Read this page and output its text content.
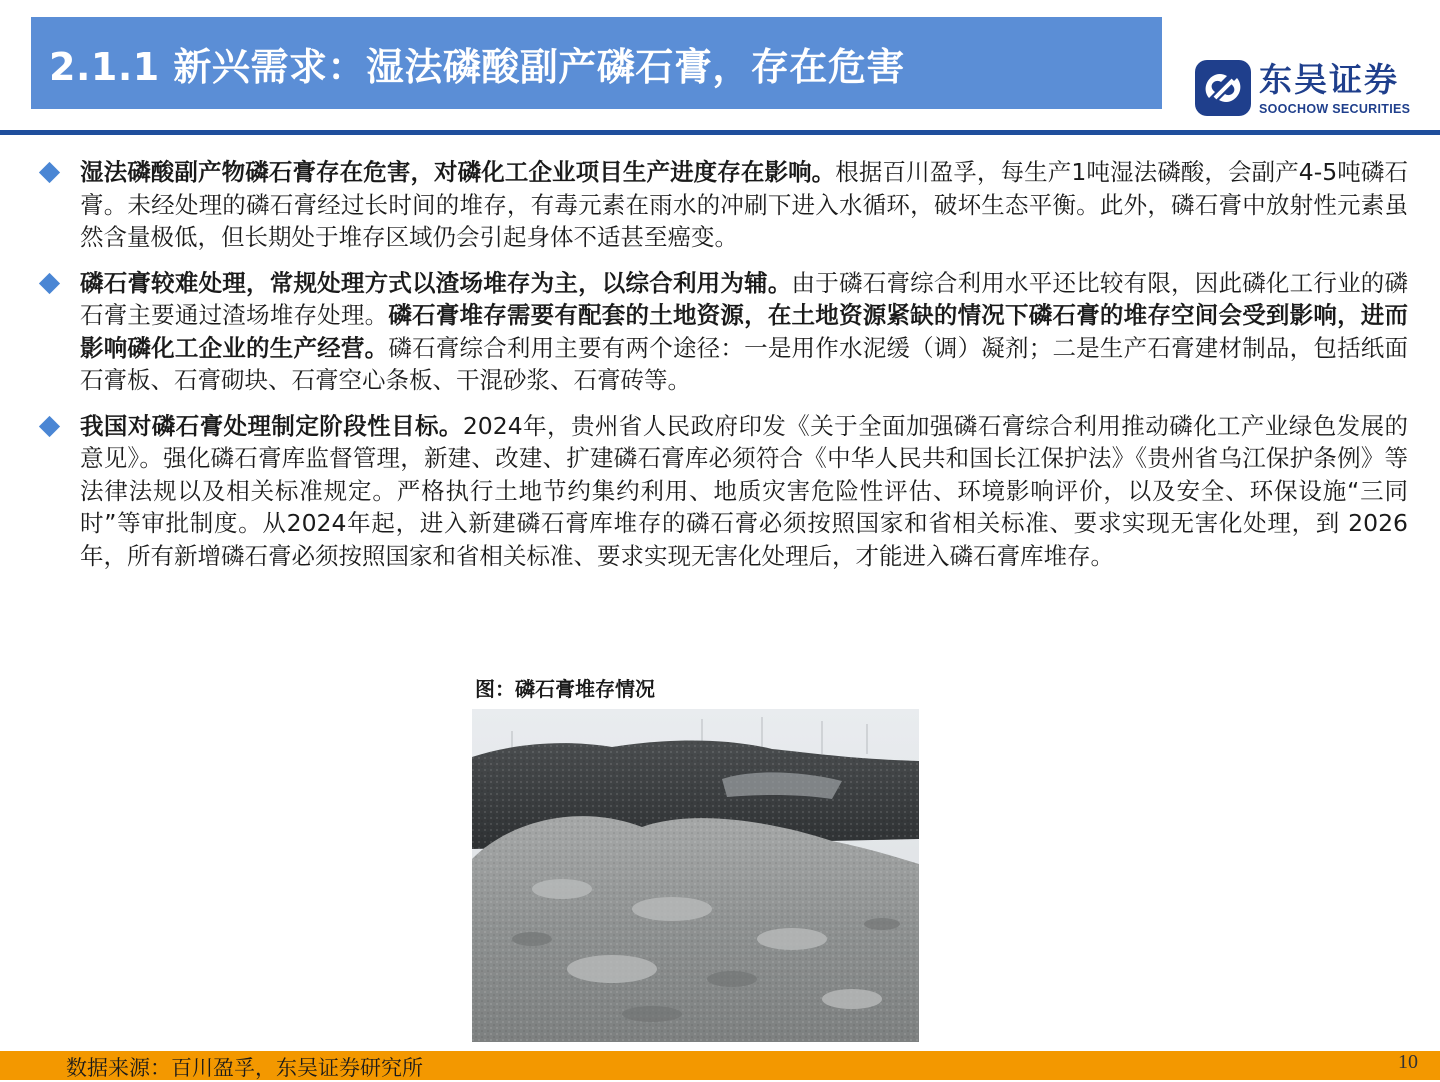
2.1.1 新兴需求：湿法磷酸副产磷石膏，存在危害	东吴证券
SOOCHOW SECURITIES
湿法磷酸副产物磷石膏存在危害，对磷化工企业项目生产进度存在影响。根据百川盈孚，每生产1吨湿法磷酸，会副产4-5吨磷石膏。未经处理的磷石膏经过长时间的堆存，有毒元素在雨水的冲刷下进入水循环，破坏生态平衡。此外，磷石膏中放射性元素虽然含量极低，但长期处于堆存区域仍会引起身体不适甚至癌变。
磷石膏较难处理，常规处理方式以渣场堆存为主，以综合利用为辅。由于磷石膏综合利用水平还比较有限，因此磷化工行业的磷石膏主要通过渣场堆存处理。磷石膏堆存需要有配套的土地资源，在土地资源紧缺的情况下磷石膏的堆存空间会受到影响，进而影响磷化工企业的生产经营。磷石膏综合利用主要有两个途径：一是用作水泥缓（调）凝剂；二是生产石膏建材制品，包括纸面石膏板、石膏砌块、石膏空心条板、干混砂浆、石膏砖等。
我国对磷石膏处理制定阶段性目标。2024年，贵州省人民政府印发《关于全面加强磷石膏综合利用推动磷化工产业绿色发展的意见》。强化磷石膏库监督管理，新建、改建、扩建磷石膏库必须符合《中华人民共和国长江保护法》《贵州省乌江保护条例》等法律法规以及相关标准规定。严格执行土地节约集约利用、地质灾害危险性评估、环境影响评价，以及安全、环保设施“三同时”等审批制度。从2024年起，进入新建磷石膏库堆存的磷石膏必须按照国家和省相关标准、要求实现无害化处理，到 2026年，所有新增磷石膏必须按照国家和省相关标准、要求实现无害化处理后，才能进入磷石膏库堆存。
图：磷石膏堆存情况
数据来源：百川盈孚，东吴证券研究所	10
